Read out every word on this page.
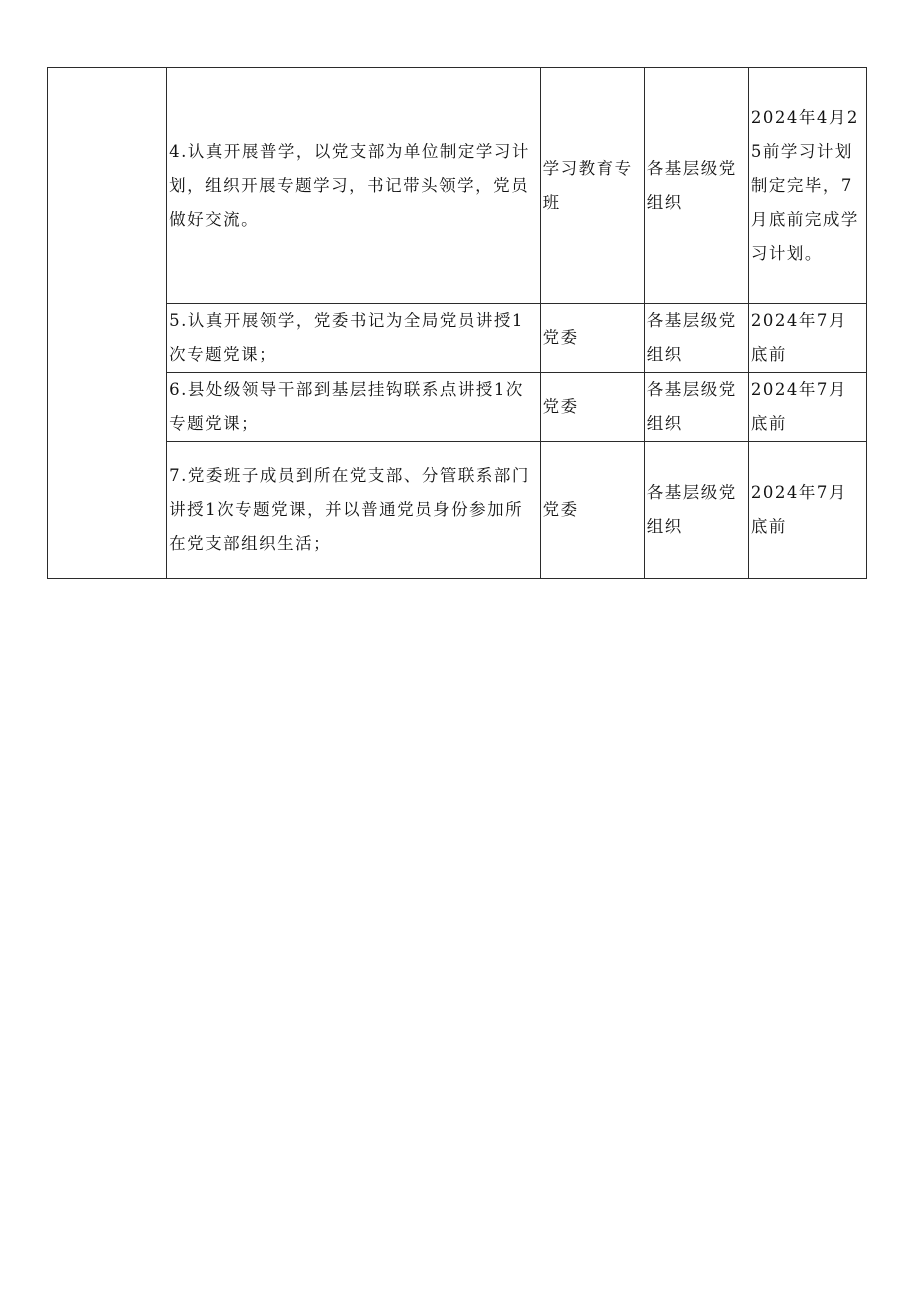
	4.认真开展普学，以党支部为单位制定学习计划，组织开展专题学习，书记带头领学，党员做好交流。	学习教育专班	各基层级党组织	2024年4月25前学习计划制定完毕，7月底前完成学习计划。
	5.认真开展领学，党委书记为全局党员讲授1次专题党课；	党委	各基层级党组织	2024年7月底前
	6.县处级领导干部到基层挂钩联系点讲授1次专题党课；	党委	各基层级党组织	2024年7月底前
	7.党委班子成员到所在党支部、分管联系部门讲授1次专题党课，并以普通党员身份参加所在党支部组织生活；	党委	各基层级党组织	2024年7月底前
